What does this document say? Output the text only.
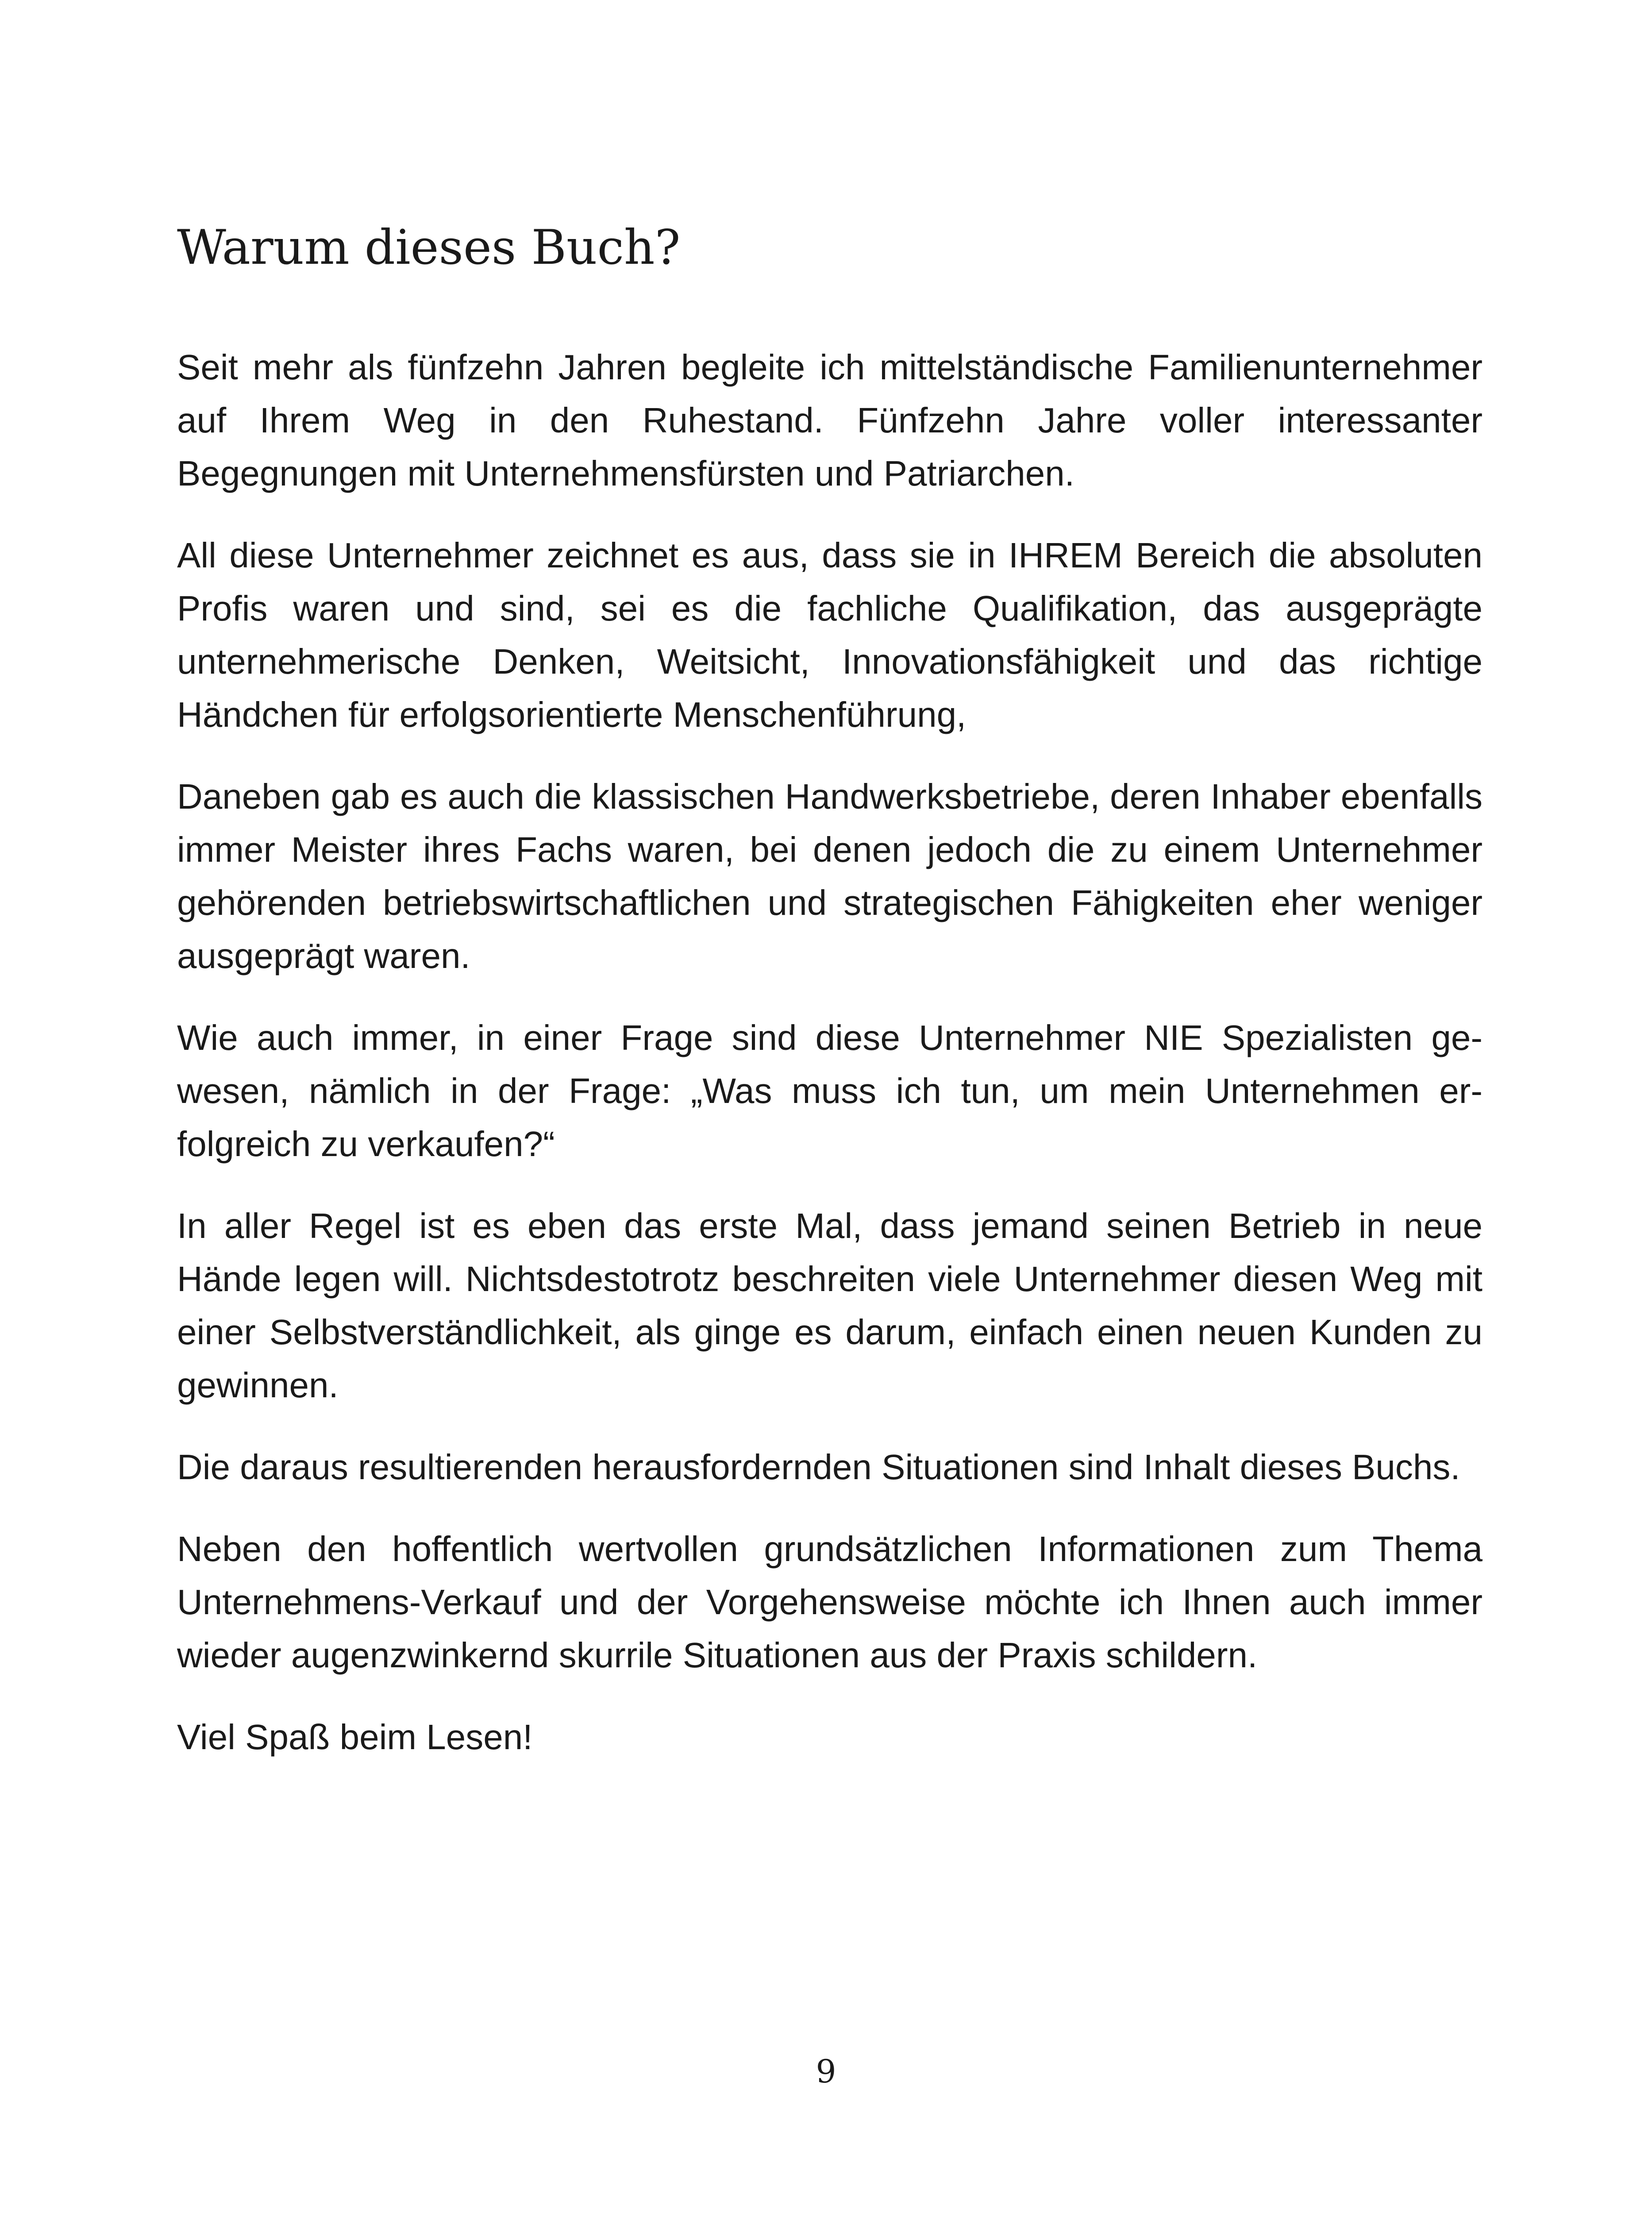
Warum dieses Buch?

Seit mehr als fünfzehn Jahren begleite ich mittelständische Familienunternehmer auf Ihrem Weg in den Ruhestand. Fünfzehn Jahre voller interessanter Begegnungen mit Unternehmensfürsten und Patriarchen.

All diese Unternehmer zeichnet es aus, dass sie in IHREM Bereich die absoluten Profis waren und sind, sei es die fachliche Qualifikation, das ausgeprägte unternehmerische Denken, Weitsicht, Innovationsfähigkeit und das richtige Händchen für erfolgsorientierte Menschenführung,

Daneben gab es auch die klassischen Handwerksbetriebe, deren Inhaber ebenfalls immer Meister ihres Fachs waren, bei denen jedoch die zu einem Unternehmer gehörenden betriebswirtschaftlichen und strategischen Fähigkeiten eher weniger ausgeprägt waren.

Wie auch immer, in einer Frage sind diese Unternehmer NIE Spezialisten gewesen, nämlich in der Frage: „Was muss ich tun, um mein Unternehmen erfolgreich zu verkaufen?“

In aller Regel ist es eben das erste Mal, dass jemand seinen Betrieb in neue Hände legen will. Nichtsdestotrotz beschreiten viele Unternehmer diesen Weg mit einer Selbstverständlichkeit, als ginge es darum, einfach einen neuen Kunden zu gewinnen.

Die daraus resultierenden herausfordernden Situationen sind Inhalt dieses Buchs.

Neben den hoffentlich wertvollen grundsätzlichen Informationen zum Thema Unternehmens-Verkauf und der Vorgehensweise möchte ich Ihnen auch immer wieder augenzwinkernd skurrile Situationen aus der Praxis schildern.

Viel Spaß beim Lesen!

9
